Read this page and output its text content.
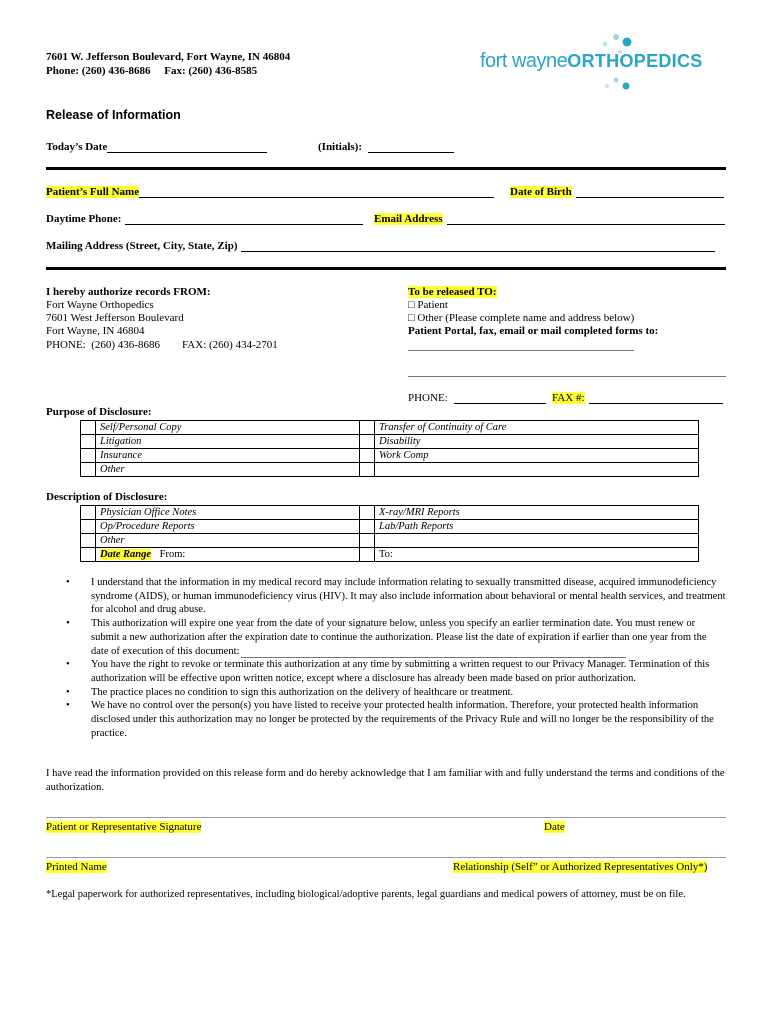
7601 W. Jefferson Boulevard, Fort Wayne, IN 46804
Phone: (260) 436-8686     Fax: (260) 436-8585	fort wayneORTHOPEDICS
Release of Information
Today’s Date	(Initials):
Patient’s Full Name	Date of Birth
Daytime Phone:	Email Address
Mailing Address (Street, City, State, Zip)
I hereby authorize records FROM:
Fort Wayne Orthopedics
7601 West Jefferson Boulevard
Fort Wayne, IN 46804
PHONE:  (260) 436-8686 FAX: (260) 434-2701
To be released TO:
□ Patient
□ Other (Please complete name and address below)
Patient Portal, fax, email or mail completed forms to:
PHONE:	FAX #:
Purpose of Disclosure:
	Self/Personal Copy		Transfer of Continuity of Care
	Litigation		Disability
	Insurance		Work Comp
	Other		
Description of Disclosure:
	Physician Office Notes		X-ray/MRI Reports
	Op/Procedure Reports		Lab/Path Reports
	Other		
	Date Range From:		To:

• I understand that the information in my medical record may include information relating to sexually transmitted disease, acquired immunodeficiency syndrome (AIDS), or human immunodeficiency virus (HIV). It may also include information about behavioral or mental health services, and treatment for alcohol and drug abuse.

• This authorization will expire one year from the date of your signature below, unless you specify an earlier termination date. You must renew or submit a new authorization after the expiration date to continue the authorization. Please list the date of expiration if earlier than one year from the date of execution of this document:

• You have the right to revoke or terminate this authorization at any time by submitting a written request to our Privacy Manager. Termination of this authorization will be effective upon written notice, except where a disclosure has already been made based on prior authorization.

• The practice places no condition to sign this authorization on the delivery of healthcare or treatment.

• We have no control over the person(s) you have listed to receive your protected health information. Therefore, your protected health information disclosed under this authorization may no longer be protected by the requirements of the Privacy Rule and will no longer be the responsibility of the practice.

I have read the information provided on this release form and do hereby acknowledge that I am familiar with and fully understand the terms and conditions of the authorization.
Patient or Representative Signature	Date
Printed Name	Relationship (Self” or Authorized Representatives Only*)
*Legal paperwork for authorized representatives, including biological/adoptive parents, legal guardians and medical powers of attorney, must be on file.
